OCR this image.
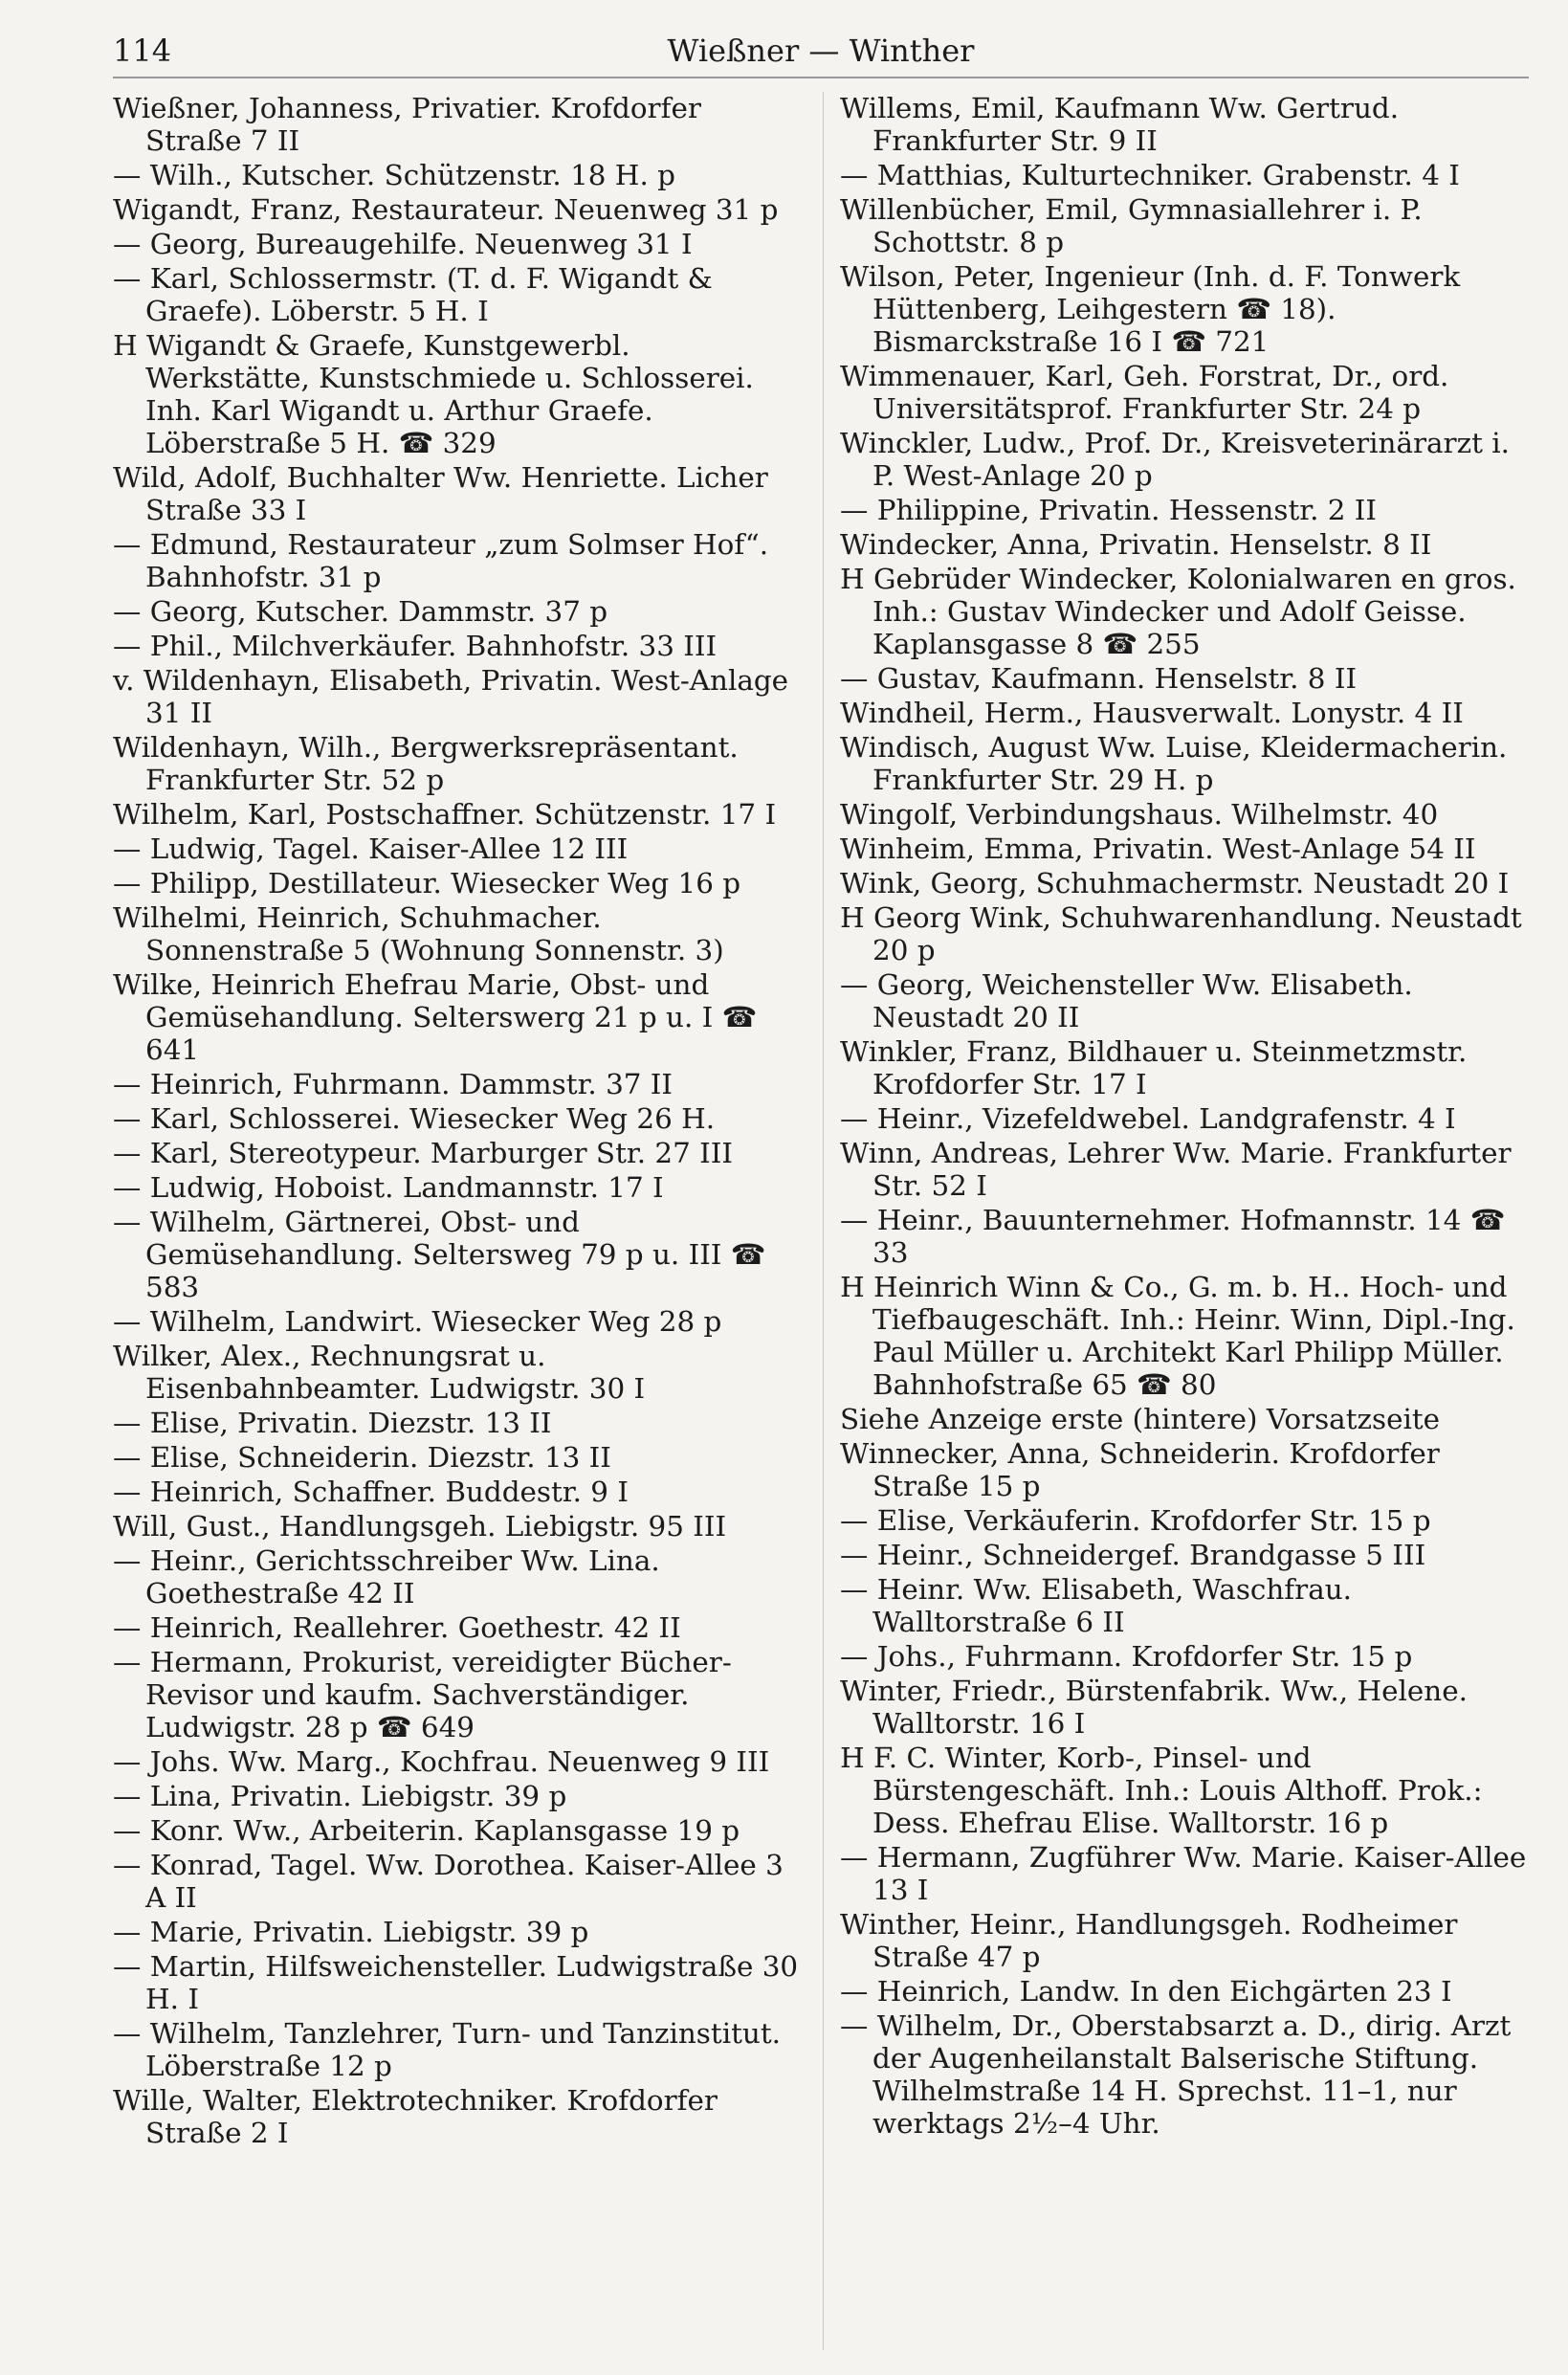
114	Wießner — Winther

Wießner, Johanness, Privatier. Krofdorfer Straße 7 II

— Wilh., Kutscher. Schützenstr. 18 H. p

Wigandt, Franz, Restaurateur. Neuenweg 31 p

— Georg, Bureaugehilfe. Neuenweg 31 I

— Karl, Schlossermstr. (T. d. F. Wigandt & Graefe). Löberstr. 5 H. I

H Wigandt & Graefe, Kunstgewerbl. Werkstätte, Kunstschmiede u. Schlosserei. Inh. Karl Wigandt u. Arthur Graefe. Löberstraße 5 H. ☎ 329

Wild, Adolf, Buchhalter Ww. Henriette. Licher Straße 33 I

— Edmund, Restaurateur „zum Solmser Hof“. Bahnhofstr. 31 p

— Georg, Kutscher. Dammstr. 37 p

— Phil., Milchverkäufer. Bahnhofstr. 33 III

v. Wildenhayn, Elisabeth, Privatin. West-Anlage 31 II

Wildenhayn, Wilh., Bergwerksrepräsentant. Frankfurter Str. 52 p

Wilhelm, Karl, Postschaffner. Schützenstr. 17 I

— Ludwig, Tagel. Kaiser-Allee 12 III

— Philipp, Destillateur. Wiesecker Weg 16 p

Wilhelmi, Heinrich, Schuhmacher. Sonnenstraße 5 (Wohnung Sonnenstr. 3)

Wilke, Heinrich Ehefrau Marie, Obst- und Gemüsehandlung. Selterswerg 21 p u. I ☎ 641

— Heinrich, Fuhrmann. Dammstr. 37 II

— Karl, Schlosserei. Wiesecker Weg 26 H.

— Karl, Stereotypeur. Marburger Str. 27 III

— Ludwig, Hoboist. Landmannstr. 17 I

— Wilhelm, Gärtnerei, Obst- und Gemüsehandlung. Seltersweg 79 p u. III ☎ 583

— Wilhelm, Landwirt. Wiesecker Weg 28 p

Wilker, Alex., Rechnungsrat u. Eisenbahnbeamter. Ludwigstr. 30 I

— Elise, Privatin. Diezstr. 13 II

— Elise, Schneiderin. Diezstr. 13 II

— Heinrich, Schaffner. Buddestr. 9 I

Will, Gust., Handlungsgeh. Liebigstr. 95 III

— Heinr., Gerichtsschreiber Ww. Lina. Goethestraße 42 II

— Heinrich, Reallehrer. Goethestr. 42 II

— Hermann, Prokurist, vereidigter Bücher-Revisor und kaufm. Sachverständiger. Ludwigstr. 28 p ☎ 649

— Johs. Ww. Marg., Kochfrau. Neuenweg 9 III

— Lina, Privatin. Liebigstr. 39 p

— Konr. Ww., Arbeiterin. Kaplansgasse 19 p

— Konrad, Tagel. Ww. Dorothea. Kaiser-Allee 3 A II

— Marie, Privatin. Liebigstr. 39 p

— Martin, Hilfsweichensteller. Ludwigstraße 30 H. I

— Wilhelm, Tanzlehrer, Turn- und Tanzinstitut. Löberstraße 12 p

Wille, Walter, Elektrotechniker. Krofdorfer Straße 2 I

Willems, Emil, Kaufmann Ww. Gertrud. Frankfurter Str. 9 II

— Matthias, Kulturtechniker. Grabenstr. 4 I

Willenbücher, Emil, Gymnasiallehrer i. P. Schottstr. 8 p

Wilson, Peter, Ingenieur (Inh. d. F. Tonwerk Hüttenberg, Leihgestern ☎ 18). Bismarckstraße 16 I ☎ 721

Wimmenauer, Karl, Geh. Forstrat, Dr., ord. Universitätsprof. Frankfurter Str. 24 p

Winckler, Ludw., Prof. Dr., Kreisveterinärarzt i. P. West-Anlage 20 p

— Philippine, Privatin. Hessenstr. 2 II

Windecker, Anna, Privatin. Henselstr. 8 II

H Gebrüder Windecker, Kolonialwaren en gros. Inh.: Gustav Windecker und Adolf Geisse. Kaplansgasse 8 ☎ 255

— Gustav, Kaufmann. Henselstr. 8 II

Windheil, Herm., Hausverwalt. Lonystr. 4 II

Windisch, August Ww. Luise, Kleidermacherin. Frankfurter Str. 29 H. p

Wingolf, Verbindungshaus. Wilhelmstr. 40

Winheim, Emma, Privatin. West-Anlage 54 II

Wink, Georg, Schuhmachermstr. Neustadt 20 I

H Georg Wink, Schuhwarenhandlung. Neustadt 20 p

— Georg, Weichensteller Ww. Elisabeth. Neustadt 20 II

Winkler, Franz, Bildhauer u. Steinmetzmstr. Krofdorfer Str. 17 I

— Heinr., Vizefeldwebel. Landgrafenstr. 4 I

Winn, Andreas, Lehrer Ww. Marie. Frankfurter Str. 52 I

— Heinr., Bauunternehmer. Hofmannstr. 14 ☎ 33

H Heinrich Winn & Co., G. m. b. H.. Hoch- und Tiefbaugeschäft. Inh.: Heinr. Winn, Dipl.-Ing. Paul Müller u. Architekt Karl Philipp Müller. Bahnhofstraße 65 ☎ 80

Siehe Anzeige erste (hintere) Vorsatzseite

Winnecker, Anna, Schneiderin. Krofdorfer Straße 15 p

— Elise, Verkäuferin. Krofdorfer Str. 15 p

— Heinr., Schneidergef. Brandgasse 5 III

— Heinr. Ww. Elisabeth, Waschfrau. Walltorstraße 6 II

— Johs., Fuhrmann. Krofdorfer Str. 15 p

Winter, Friedr., Bürstenfabrik. Ww., Helene. Walltorstr. 16 I

H F. C. Winter, Korb-, Pinsel- und Bürstengeschäft. Inh.: Louis Althoff. Prok.: Dess. Ehefrau Elise. Walltorstr. 16 p

— Hermann, Zugführer Ww. Marie. Kaiser-Allee 13 I

Winther, Heinr., Handlungsgeh. Rodheimer Straße 47 p

— Heinrich, Landw. In den Eichgärten 23 I

— Wilhelm, Dr., Oberstabsarzt a. D., dirig. Arzt der Augenheilanstalt Balserische Stiftung. Wilhelmstraße 14 H. Sprechst. 11–1, nur werktags 2½–4 Uhr.
